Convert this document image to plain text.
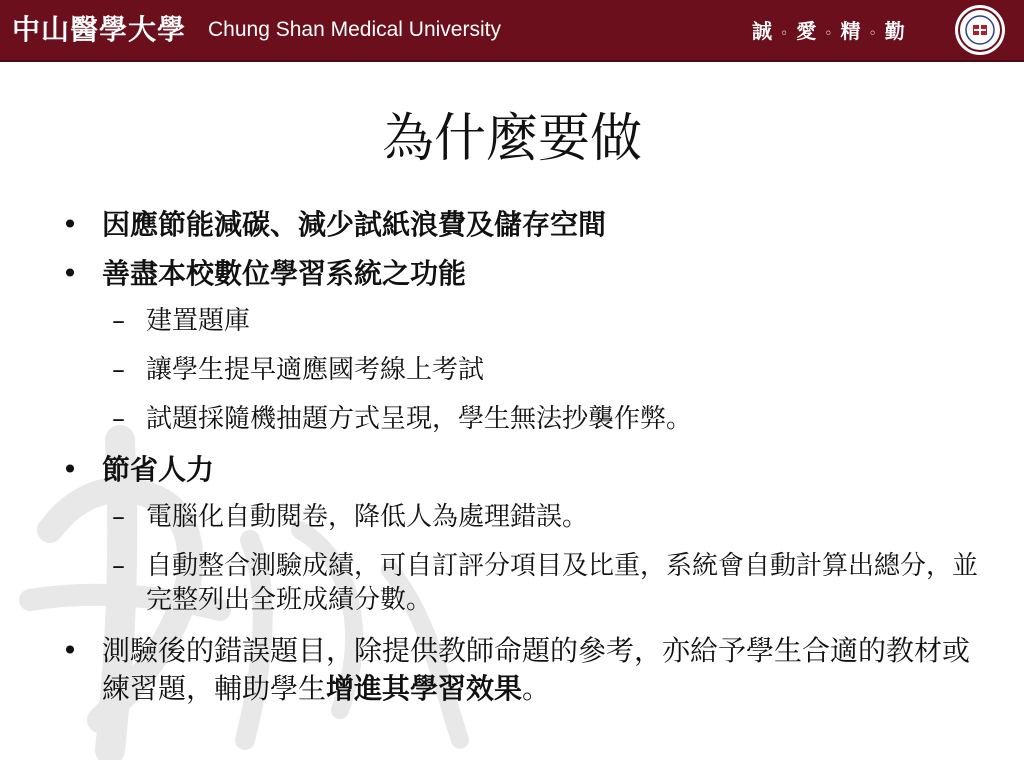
中山醫學大學 Chung Shan Medical University	誠 ◦ 愛 ◦ 精 ◦ 勤
為什麼要做
• 因應節能減碳、減少試紙浪費及儲存空間
• 善盡本校數位學習系統之功能
– 建置題庫
– 讓學生提早適應國考線上考試
– 試題採隨機抽題方式呈現，學生無法抄襲作弊。
• 節省人力
– 電腦化自動閱卷，降低人為處理錯誤。
– 自動整合測驗成績，可自訂評分項目及比重，系統會自動計算出總分，並完整列出全班成績分數。
• 測驗後的錯誤題目，除提供教師命題的參考，亦給予學生合適的教材或練習題，輔助學生增進其學習效果。
